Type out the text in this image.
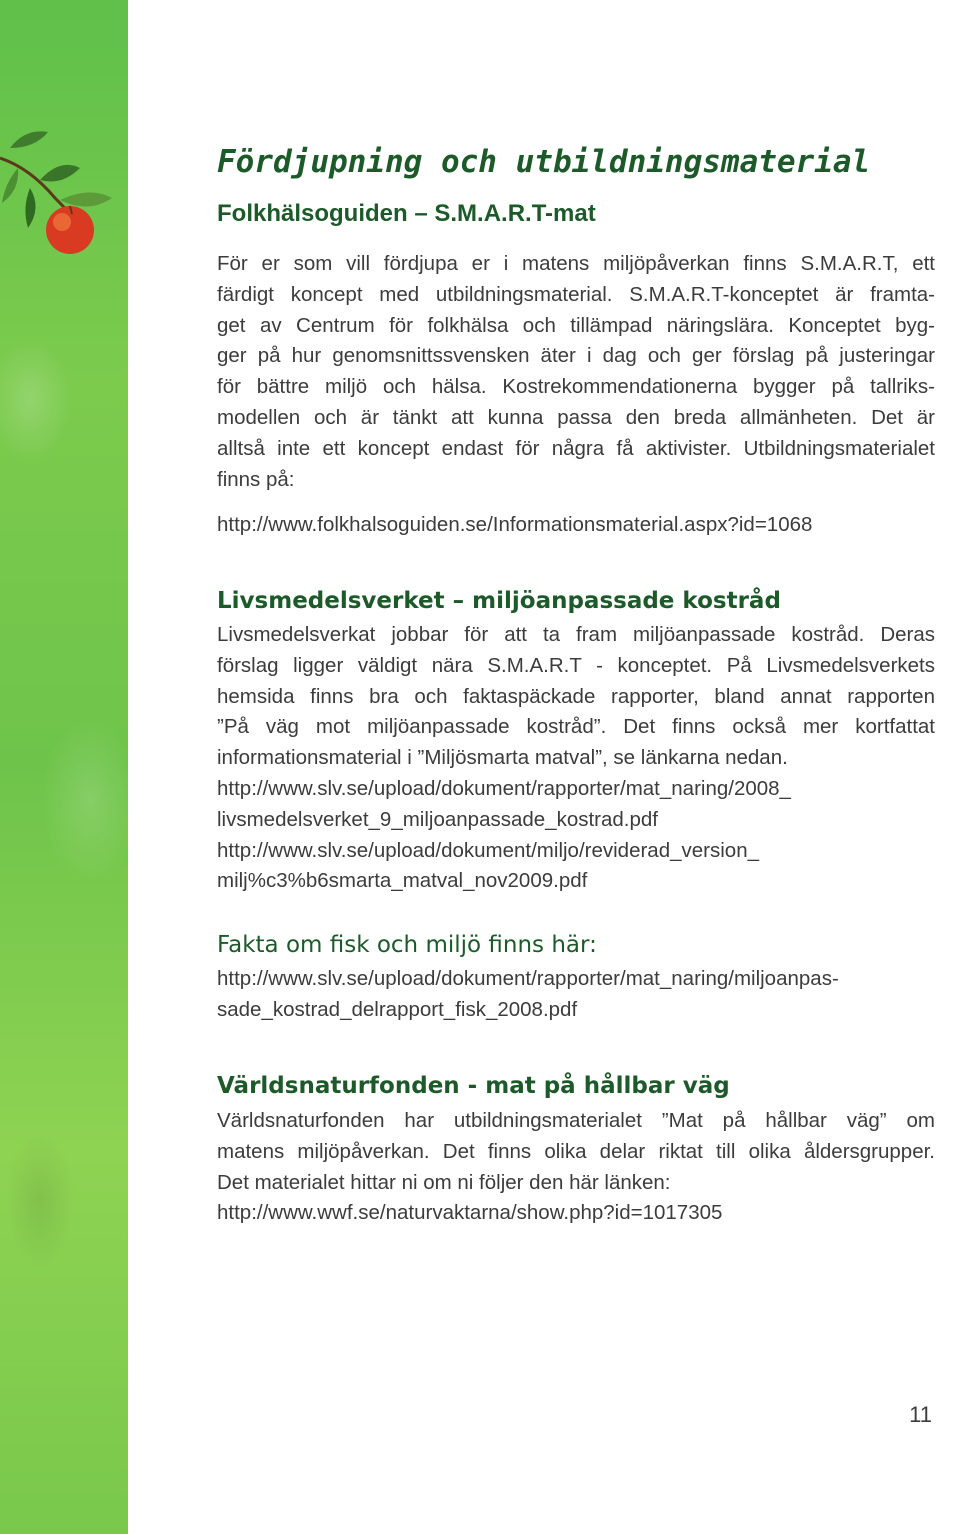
Fördjupning och utbildningsmaterial
Folkhälsoguiden – S.M.A.R.T-mat
För er som vill fördjupa er i matens miljöpåverkan finns S.M.A.R.T, ett
färdigt koncept med utbildningsmaterial. S.M.A.R.T-konceptet är framta-
get av Centrum för folkhälsa och tillämpad näringslära. Konceptet byg-
ger på hur genomsnittssvensken äter i dag och ger förslag på justeringar
för bättre miljö och hälsa. Kostrekommendationerna bygger på tallriks-
modellen och är tänkt att kunna passa den breda allmänheten. Det är
alltså inte ett koncept endast för några få aktivister. Utbildningsmaterialet
finns på:
http://www.folkhalsoguiden.se/Informationsmaterial.aspx?id=1068
Livsmedelsverket – miljöanpassade kostråd
Livsmedelsverkat jobbar för att ta fram miljöanpassade kostråd. Deras
förslag ligger väldigt nära S.M.A.R.T - konceptet. På Livsmedelsverkets
hemsida finns bra och faktaspäckade rapporter, bland annat rapporten
”På väg mot miljöanpassade kostråd”. Det finns också mer kortfattat
informationsmaterial i ”Miljösmarta matval”, se länkarna nedan.
http://www.slv.se/upload/dokument/rapporter/mat_naring/2008_
livsmedelsverket_9_miljoanpassade_kostrad.pdf
http://www.slv.se/upload/dokument/miljo/reviderad_version_
milj%c3%b6smarta_matval_nov2009.pdf
Fakta om fisk och miljö finns här:
http://www.slv.se/upload/dokument/rapporter/mat_naring/miljoanpas-
sade_kostrad_delrapport_fisk_2008.pdf
Världsnaturfonden - mat på hållbar väg
Världsnaturfonden har utbildningsmaterialet ”Mat på hållbar väg” om
matens miljöpåverkan. Det finns olika delar riktat till olika åldersgrupper.
Det materialet hittar ni om ni följer den här länken:
http://www.wwf.se/naturvaktarna/show.php?id=1017305
11
